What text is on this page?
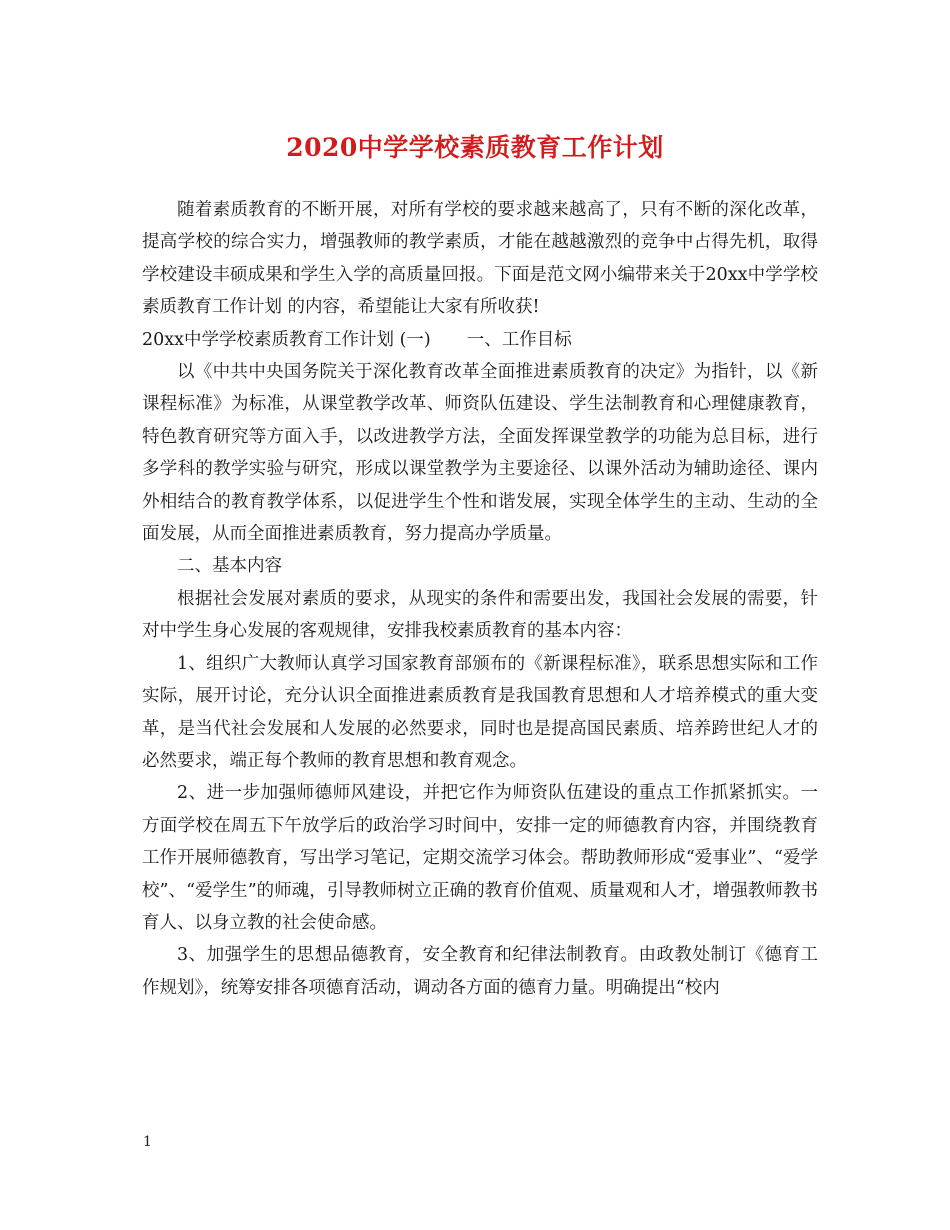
2020中学学校素质教育工作计划

随着素质教育的不断开展，对所有学校的要求越来越高了，只有不断的深化改革，提高学校的综合实力，增强教师的教学素质，才能在越越激烈的竞争中占得先机，取得学校建设丰硕成果和学生入学的高质量回报。下面是范文网小编带来关于20xx中学学校素质教育工作计划 的内容，希望能让大家有所收获!

20xx中学学校素质教育工作计划 (一) 一、工作目标

以《中共中央国务院关于深化教育改革全面推进素质教育的决定》为指针，以《新课程标准》为标准，从课堂教学改革、师资队伍建设、学生法制教育和心理健康教育，特色教育研究等方面入手，以改进教学方法，全面发挥课堂教学的功能为总目标，进行多学科的教学实验与研究，形成以课堂教学为主要途径、以课外活动为辅助途径、课内外相结合的教育教学体系，以促进学生个性和谐发展，实现全体学生的主动、生动的全面发展，从而全面推进素质教育，努力提高办学质量。

二、基本内容

根据社会发展对素质的要求，从现实的条件和需要出发，我国社会发展的需要，针对中学生身心发展的客观规律，安排我校素质教育的基本内容：

1、组织广大教师认真学习国家教育部颁布的《新课程标准》，联系思想实际和工作实际，展开讨论，充分认识全面推进素质教育是我国教育思想和人才培养模式的重大变革，是当代社会发展和人发展的必然要求，同时也是提高国民素质、培养跨世纪人才的必然要求，端正每个教师的教育思想和教育观念。

2、进一步加强师德师风建设，并把它作为师资队伍建设的重点工作抓紧抓实。一方面学校在周五下午放学后的政治学习时间中，安排一定的师德教育内容，并围绕教育工作开展师德教育，写出学习笔记，定期交流学习体会。帮助教师形成“爱事业”、“爱学校”、“爱学生”的师魂，引导教师树立正确的教育价值观、质量观和人才，增强教师教书育人、以身立教的社会使命感。

3、加强学生的思想品德教育，安全教育和纪律法制教育。由政教处制订《德育工作规划》，统筹安排各项德育活动，调动各方面的德育力量。明确提出“校内

1
